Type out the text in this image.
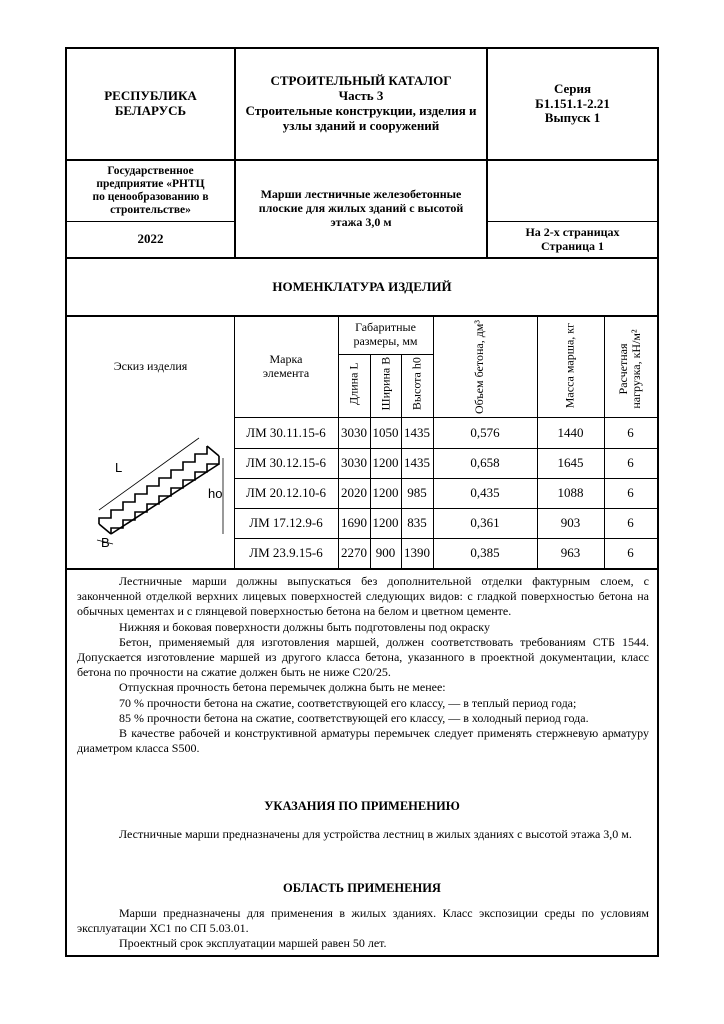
РЕСПУБЛИКА
БЕЛАРУСЬ
СТРОИТЕЛЬНЫЙ КАТАЛОГ
Часть 3
Строительные конструкции, изделия и узлы зданий и сооружений
Серия
Б1.151.1-2.21
Выпуск 1
Государственное предприятие «РНТЦ по ценообразованию в строительстве»
2022
Марши лестничные железобетонные плоские для жилых зданий с высотой этажа 3,0 м
На 2-х страницах
Страница 1
НОМЕНКЛАТУРА ИЗДЕЛИЙ
Эскиз изделия	Марка элемента
Габаритные размеры, мм
Длина L Ширина B Высота h0	Объем бетона, дм³	Масса марша, кг	Расчетная нагрузка, кН/м²
L
ho
B
ЛМ 30.11.15-6	3030 1050 1435	0,576	1440	6
ЛМ 30.12.15-6	3030 1200 1435	0,658	1645	6
ЛМ 20.12.10-6	2020 1200 985	0,435	1088	6
ЛМ 17.12.9-6	1690 1200 835	0,361	903	6
ЛМ 23.9.15-6	2270 900 1390	0,385	963	6

Лестничные марши должны выпускаться без дополнительной отделки фактурным слоем, с законченной отделкой верхних лицевых поверхностей следующих видов: с гладкой поверхностью бетона на обычных цементах и с глянцевой поверхностью бетона на белом и цветном цементе.

Нижняя и боковая поверхности должны быть подготовлены под окраску

Бетон, применяемый для изготовления маршей, должен соответствовать требованиям СТБ 1544. Допускается изготовление маршей из другого класса бетона, указанного в проектной документации, класс бетона по прочности на сжатие должен быть не ниже С20/25.

Отпускная прочность бетона перемычек должна быть не менее:

70 % прочности бетона на сжатие, соответствующей его классу, — в теплый период года;

85 % прочности бетона на сжатие, соответствующей его классу, — в холодный период года.

В качестве рабочей и конструктивной арматуры перемычек следует применять стержневую арматуру диаметром класса S500.

УКАЗАНИЯ ПО ПРИМЕНЕНИЮ

Лестничные марши предназначены для устройства лестниц в жилых зданиях с высотой этажа 3,0 м.

ОБЛАСТЬ ПРИМЕНЕНИЯ

Марши предназначены для применения в жилых зданиях. Класс экспозиции среды по условиям эксплуатации ХС1 по СП 5.03.01.

Проектный срок эксплуатации маршей равен 50 лет.
